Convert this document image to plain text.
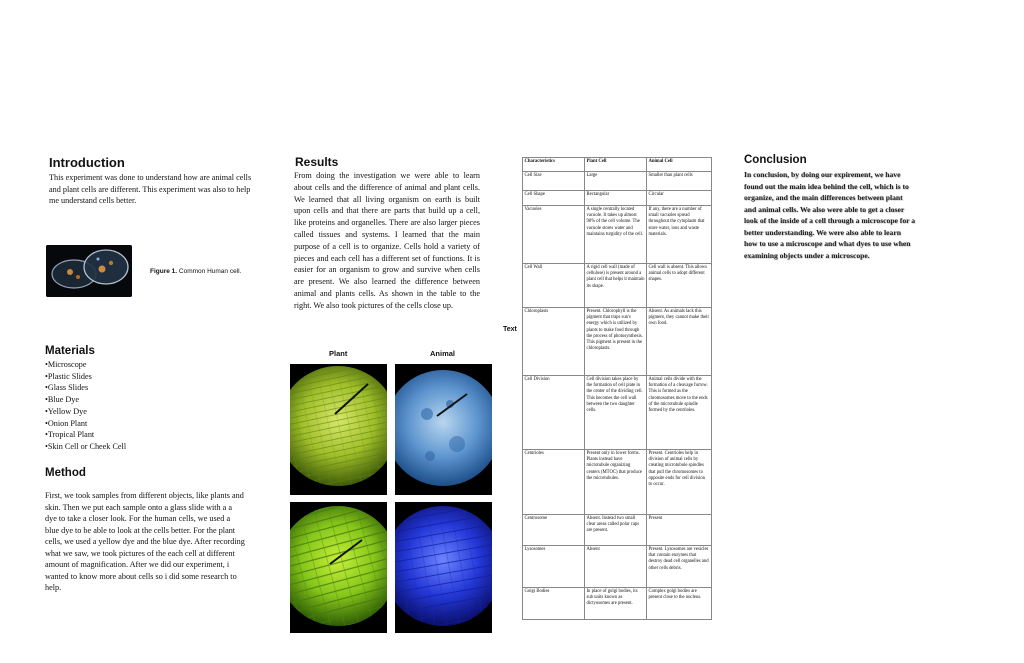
Introduction
This experiment was done to understand how are animal cells and plant cells are different. This experiment was also to help me understand cells better.
Figure 1. Common Human cell.
Materials
•Microscope
•Plastic Slides
•Glass Slides
•Blue Dye
•Yellow Dye
•Onion Plant
•Tropical Plant
•Skin Cell or Cheek Cell
Method
First, we took samples from different objects, like plants and skin. Then we put each sample onto a glass slide with a a dye to take a closer look. For the human cells, we used a blue dye to be able to look at the cells better. For the plant cells, we used a yellow dye and the blue dye. After recording what we saw, we took pictures of the each cell at different amount of magnification. After we did our experiment, i wanted to know more about cells so i did some research to help.
Results
From doing the investigation we were able to learn about cells and the difference of animal and plant cells. We learned that all living organism on earth is built upon cells and that there are parts that build up a cell, like proteins and organelles. There are also larger pieces called tissues and systems. I learned that the main purpose of a cell is to organize. Cells hold a variety of pieces and each cell has a different set of functions. It is easier for an organism to grow and survive when cells are present. We also learned the difference between animal and plants cells. As shown in the table to the right. We also took pictures of the cells close up.
Text
Plant	Animal
Characteristics	Plant Cell	Animal Cell
Cell Size	Large	Smaller than plant cells
Cell Shape	Rectangular	Circular
Vacuoles	A single centrally located vacuole. It takes up almost 90% of the cell volume. The vacuole stores water and maintains turgidity of the cell.	If any, there are a number of small vacuoles spread throughout the cytoplasm that store water, ions and waste materials.
Cell Wall	A rigid cell wall (made of cellulose) is present around a plant cell that helps it maintain its shape.	Cell wall is absent. This allows animal cells to adopt different shapes.
Chloroplasts	Present. Chlorophyll is the pigment that traps sun's energy which is utilized by plants to make food through the process of photosynthesis. This pigment is present in the chloroplasts.	Absent. As animals lack this pigment, they cannot make their own food.
Cell Division	Cell division takes place by the formation of cell plate in the center of the dividing cell. This becomes the cell wall between the two daughter cells.	Animal cells divide with the formation of a cleavage furrow. This is formed as the chromosomes move to the ends of the microtubule spindle formed by the centrioles.
Centrioles	Present only in lower forms. Plants instead have microtubule organizing centers (MTOC) that produce the microtubules.	Present. Centrioles help in division of animal cells by creating microtubule spindles that pull the chromosomes to opposite ends for cell division to occur.
Centrosome	Absent. Instead two small clear areas called polar caps are present.	Present
Lysosomes	Absent	Present. Lysosomes are vesicles that contain enzymes that destroy dead cell organelles and other cells debris.
Golgi Bodies	In place of golgi bodies, its sub units known as dictyosomes are present.	Complex golgi bodies are present close to the nucleus.
Conclusion
In conclusion, by doing our expirement, we have found out the main idea behind the cell, which is to organize, and the main differences between plant and animal cells. We also were able to get a closer look of the inside of a cell through a microscope for a better understanding. We were also able to learn how to use a microscope and what dyes to use when examining objects under a microscope.
